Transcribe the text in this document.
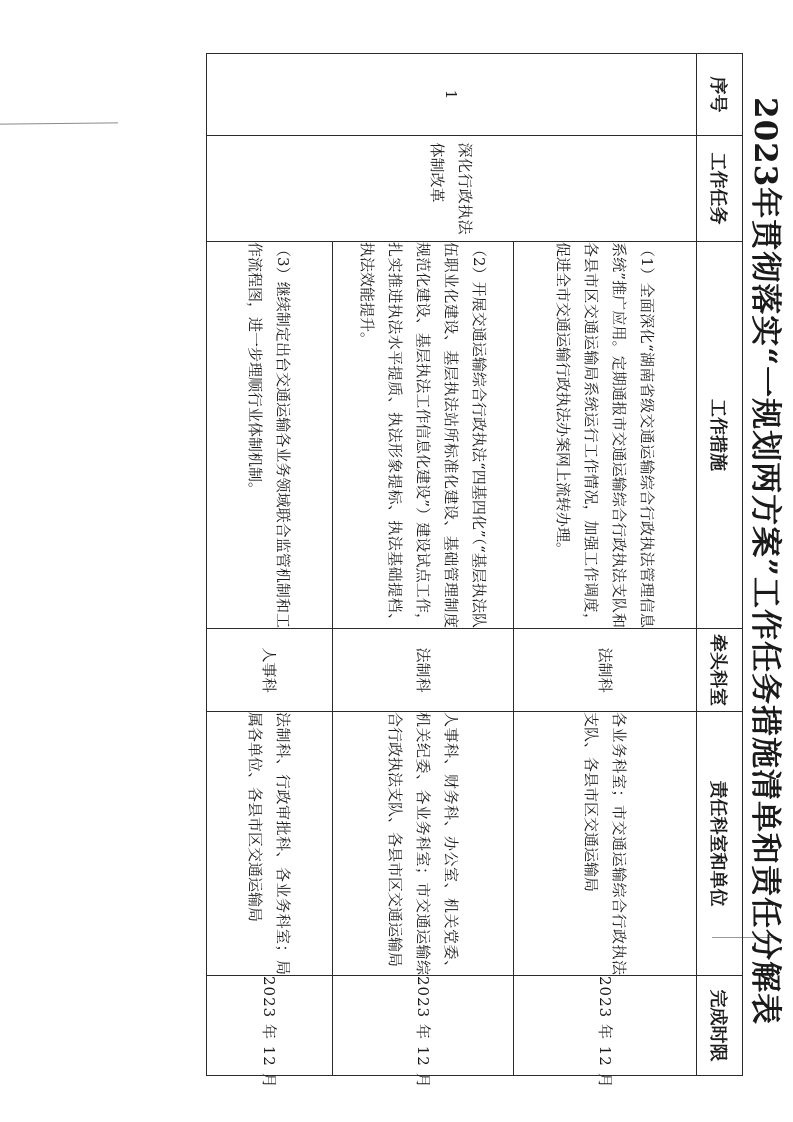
2023年贯彻落实“一规划两方案”工作任务措施清单和责任分解表
序号	工作任务	工作措施	牵头科室	责任科室和单位	完成时限
1	深化行政执法体制改革	（1）全面深化“湖南省级交通运输综合行政执法管理信息系统”推广应用。定期通报市交通运输综合行政执法支队和各县市区交通运输局系统运行工作情况，加强工作调度，促进全市交通运输行政执法办案网上流转办理。	法制科	各业务科室；市交通运输综合行政执法支队、各县市区交通运输局	2023 年 12 月
		（2）开展交通运输综合行政执法“四基四化”（“基层执法队伍职业化建设、基层执法站所标准化建设、基础管理制度规范化建设、基层执法工作信息化建设”）建设试点工作，扎实推进执法水平提质、执法形象提标、执法基础提档、执法效能提升。	法制科	人事科、财务科、办公室、机关党委、机关纪委、各业务科室；市交通运输综合行政执法支队、各县市区交通运输局	2023 年 12 月
		（3）继续制定出台交通运输各业务领域联合监管机制和工作流程图，进一步理顺行业体制机制。	人事科	法制科、行政审批科、各业务科室；局属各单位、各县市区交通运输局	2023 年 12 月
